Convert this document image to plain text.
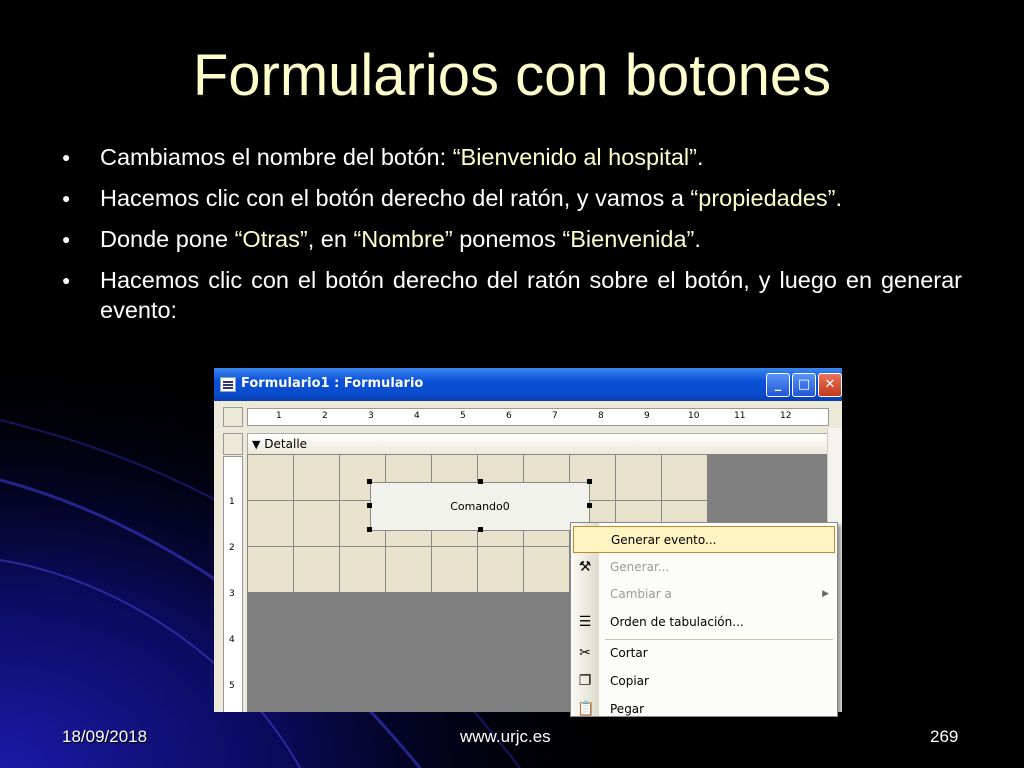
Formularios con botones
● Cambiamos el nombre del botón: “Bienvenido al hospital”.
● Hacemos clic con el botón derecho del ratón, y vamos a “propiedades”.
● Donde pone “Otras”, en “Nombre” ponemos “Bienvenida”.
● Hacemos clic con el botón derecho del ratón sobre el botón, y luego en generar evento:
Formulario1 : Formulario	_	□	✕
1	2	3	4	5	6	7	8	9	10	11	12
▼ Detalle
1
2
3
4
5
Comando0
Generar evento...
⚒ Generar...
Cambiar a	▶
☰ Orden de tabulación...
✂ Cortar
❐ Copiar
📋 Pegar
18/09/2018	www.urjc.es	269
